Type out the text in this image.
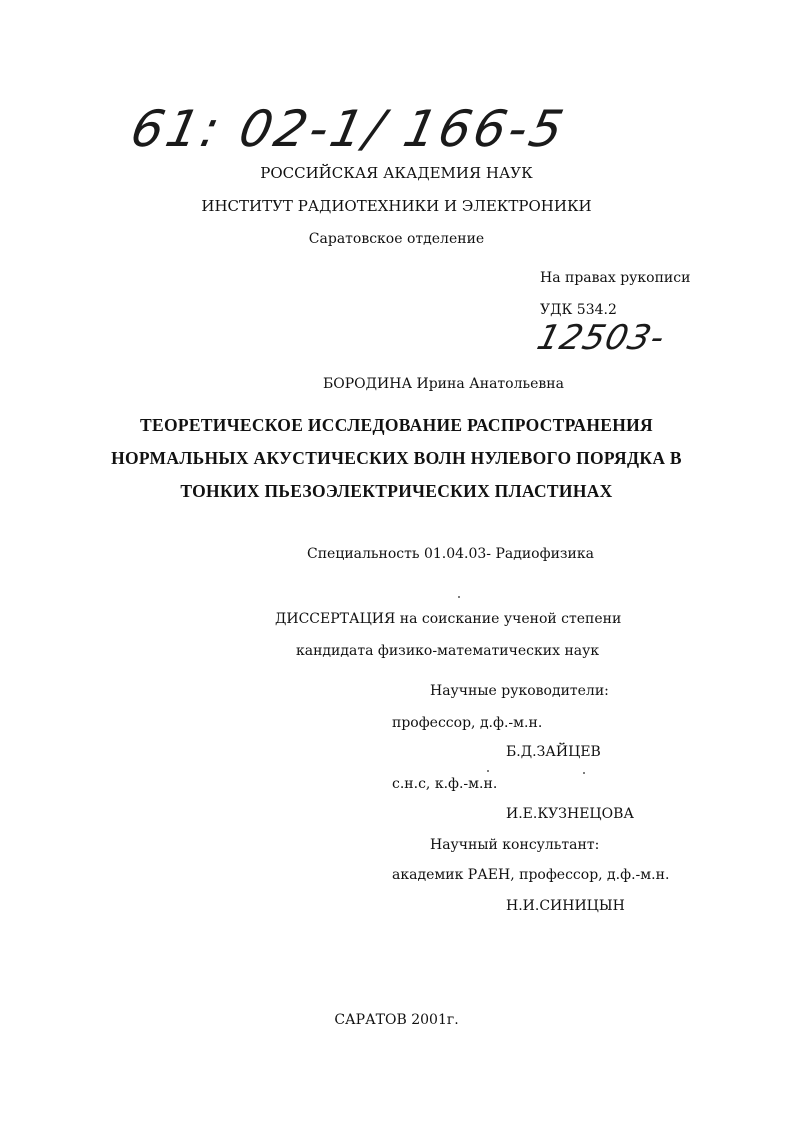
61: 02-1/ 166-5
РОССИЙСКАЯ АКАДЕМИЯ НАУК
ИНСТИТУТ РАДИОТЕХНИКИ И ЭЛЕКТРОНИКИ
Саратовское отделение
На правах рукописи
УДК 534.2
12503-
БОРОДИНА Ирина Анатольевна
ТЕОРЕТИЧЕСКОЕ ИССЛЕДОВАНИЕ РАСПРОСТРАНЕНИЯ
НОРМАЛЬНЫХ АКУСТИЧЕСКИХ ВОЛН НУЛЕВОГО ПОРЯДКА В
ТОНКИХ ПЬЕЗОЭЛЕКТРИЧЕСКИХ ПЛАСТИНАХ
Специальность 01.04.03- Радиофизика
ДИССЕРТАЦИЯ на соискание ученой степени
кандидата физико-математических наук
Научные руководители:
профессор, д.ф.-м.н.
Б.Д.ЗАЙЦЕВ
с.н.с, к.ф.-м.н.
И.Е.КУЗНЕЦОВА
Научный консультант:
академик РАЕН, профессор, д.ф.-м.н.
Н.И.СИНИЦЫН
САРАТОВ 2001г.
